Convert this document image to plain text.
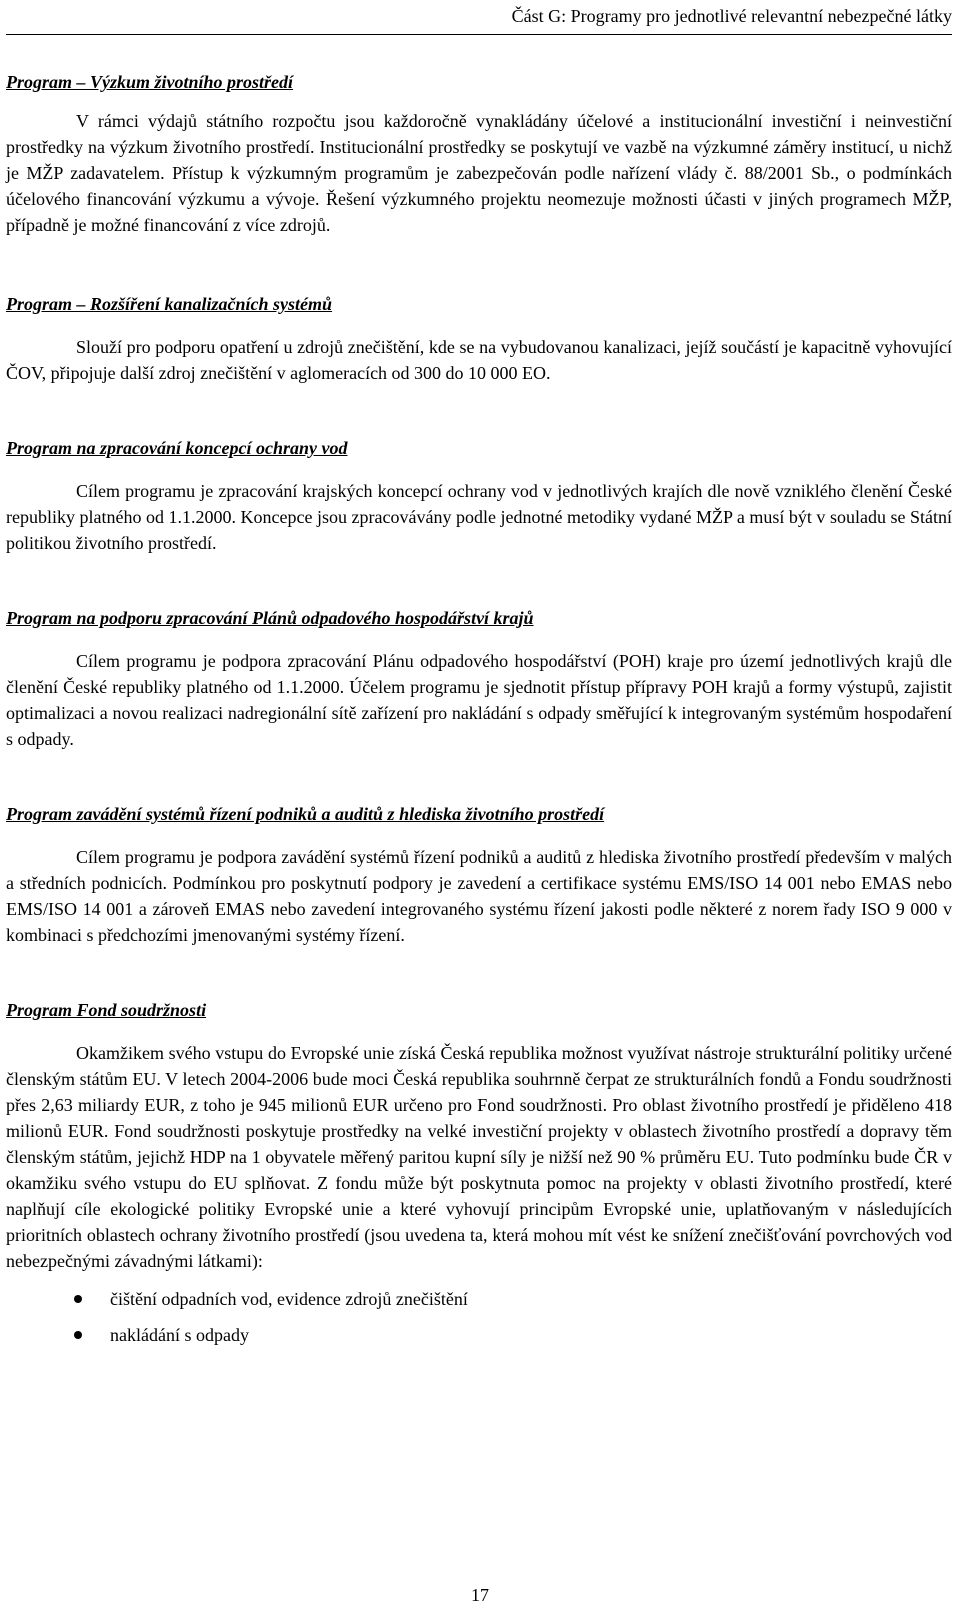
Část G: Programy pro jednotlivé relevantní nebezpečné látky
Program – Výzkum životního prostředí

V rámci výdajů státního rozpočtu jsou každoročně vynakládány účelové a institucionální investiční i neinvestiční prostředky na výzkum životního prostředí. Institucionální prostředky se poskytují ve vazbě na výzkumné záměry institucí, u nichž je MŽP zadavatelem. Přístup k výzkumným programům je zabezpečován podle nařízení vlády č. 88/2001 Sb., o podmínkách účelového financování výzkumu a vývoje. Řešení výzkumného projektu neomezuje možnosti účasti v jiných programech MŽP, případně je možné financování z více zdrojů.

Program – Rozšíření kanalizačních systémů

Slouží pro podporu opatření u zdrojů znečištění, kde se na vybudovanou kanalizaci, jejíž součástí je kapacitně vyhovující ČOV, připojuje další zdroj znečištění v aglomeracích od 300 do 10 000 EO.

Program na zpracování koncepcí ochrany vod

Cílem programu je zpracování krajských koncepcí ochrany vod v jednotlivých krajích dle nově vzniklého členění České republiky platného od 1.1.2000. Koncepce jsou zpracovávány podle jednotné metodiky vydané MŽP a musí být v souladu se Státní politikou životního prostředí.

Program na podporu zpracování Plánů odpadového hospodářství krajů

Cílem programu je podpora zpracování Plánu odpadového hospodářství (POH) kraje pro území jednotlivých krajů dle členění České republiky platného od 1.1.2000. Účelem programu je sjednotit přístup přípravy POH krajů a formy výstupů, zajistit optimalizaci a novou realizaci nadregionální sítě zařízení pro nakládání s odpady směřující k integrovaným systémům hospodaření s odpady.

Program zavádění systémů řízení podniků a auditů z hlediska životního prostředí

Cílem programu je podpora zavádění systémů řízení podniků a auditů z hlediska životního prostředí především v malých a středních podnicích. Podmínkou pro poskytnutí podpory je zavedení a certifikace systému EMS/ISO 14 001 nebo EMAS nebo EMS/ISO 14 001 a zároveň EMAS nebo zavedení integrovaného systému řízení jakosti podle některé z norem řady ISO 9 000 v kombinaci s předchozími jmenovanými systémy řízení.

Program Fond soudržnosti

Okamžikem svého vstupu do Evropské unie získá Česká republika možnost využívat nástroje strukturální politiky určené členským státům EU. V letech 2004-2006 bude moci Česká republika souhrnně čerpat ze strukturálních fondů a Fondu soudržnosti přes 2,63 miliardy EUR, z toho je 945 milionů EUR určeno pro Fond soudržnosti. Pro oblast životního prostředí je přiděleno 418 milionů EUR. Fond soudržnosti poskytuje prostředky na velké investiční projekty v oblastech životního prostředí a dopravy těm členským státům, jejichž HDP na 1 obyvatele měřený paritou kupní síly je nižší než 90 % průměru EU. Tuto podmínku bude ČR v okamžiku svého vstupu do EU splňovat. Z fondu může být poskytnuta pomoc na projekty v oblasti životního prostředí, které naplňují cíle ekologické politiky Evropské unie a které vyhovují principům Evropské unie, uplatňovaným v následujících prioritních oblastech ochrany životního prostředí (jsou uvedena ta, která mohou mít vést ke snížení znečišťování povrchových vod nebezpečnými závadnými látkami):

čištění odpadních vod, evidence zdrojů znečištění
nakládání s odpady
17
